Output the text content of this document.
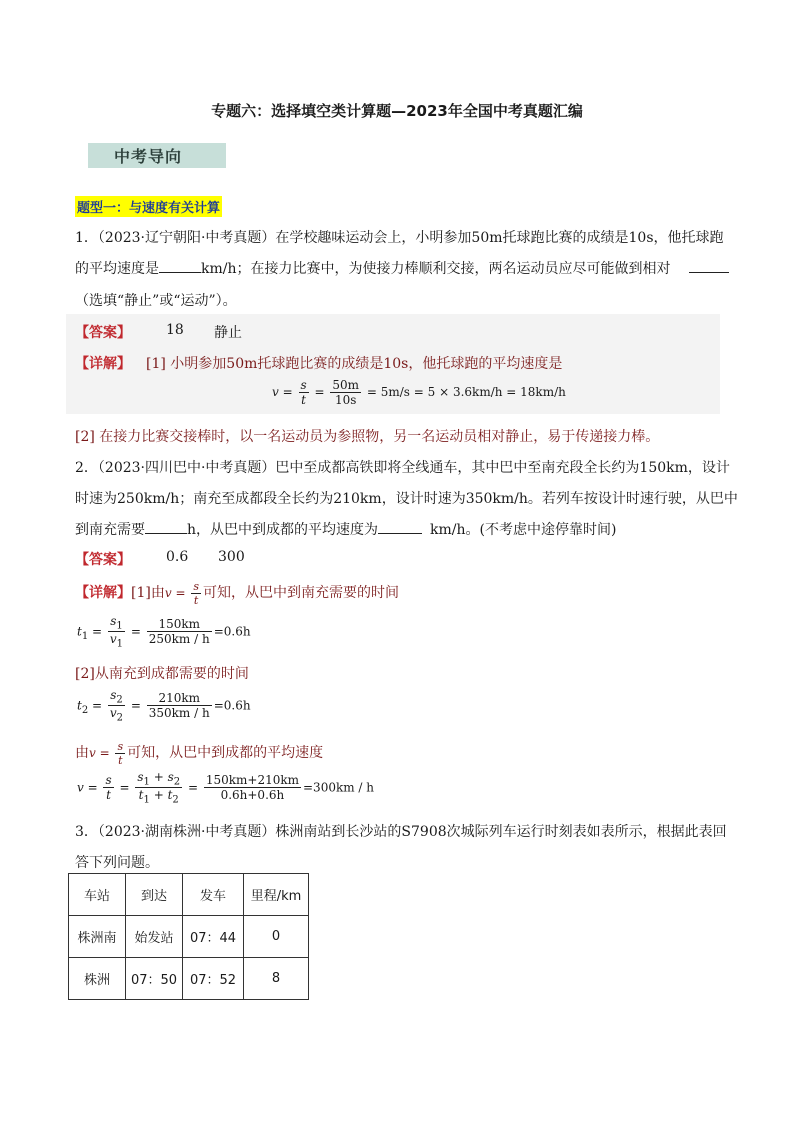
专题六：选择填空类计算题—2023年全国中考真题汇编
中考导向
题型一：与速度有关计算
1．（2023·辽宁朝阳·中考真题）在学校趣味运动会上，小明参加50m托球跑比赛的成绩是10s，他托球跑
的平均速度是	km/h；在接力比赛中，为使接力棒顺利交接，两名运动员应尽可能做到相对
（选填“静止”或“运动”）。
【答案】	18 静止
【详解】 [1] 小明参加50m托球跑比赛的成绩是10s，他托球跑的平均速度是
$v = \frac{s}{t} = \frac{50m}{10s} = 5m/s = 5 \times 3.6km/h = 18km/h$
[2] 在接力比赛交接棒时，以一名运动员为参照物，另一名运动员相对静止，易于传递接力棒。
2．（2023·四川巴中·中考真题）巴中至成都高铁即将全线通车，其中巴中至南充段全长约为150km，设计
时速为250km/h；南充至成都段全长约为210km，设计时速为350km/h。若列车按设计时速行驶，从巴中
到南充需要	h，从巴中到成都的平均速度为	km/h。(不考虑中途停靠时间)
【答案】	0.6 300
【详解】[1]由$v = \frac{s}{t}$ 可知，从巴中到南充需要的时间
$t_1 = \frac{s_1}{v_1} = \frac{150km}{250km / h} =0.6h$
[2]从南充到成都需要的时间
$t_2 = \frac{s_2}{v_2} = \frac{210km}{350km / h} =0.6h$
由$v = \frac{s}{t}$ 可知，从巴中到成都的平均速度
$v = \frac{s}{t} = \frac{s_1 + s_2}{t_1 + t_2} = \frac{150km+210km}{0.6h+0.6h} =300km / h$
3．（2023·湖南株洲·中考真题）株洲南站到长沙站的S7908次城际列车运行时刻表如表所示，根据此表回
答下列问题。
车站	到达	发车	里程/km
株洲南	始发站	07：44	0
株洲	07：50	07：52	8
